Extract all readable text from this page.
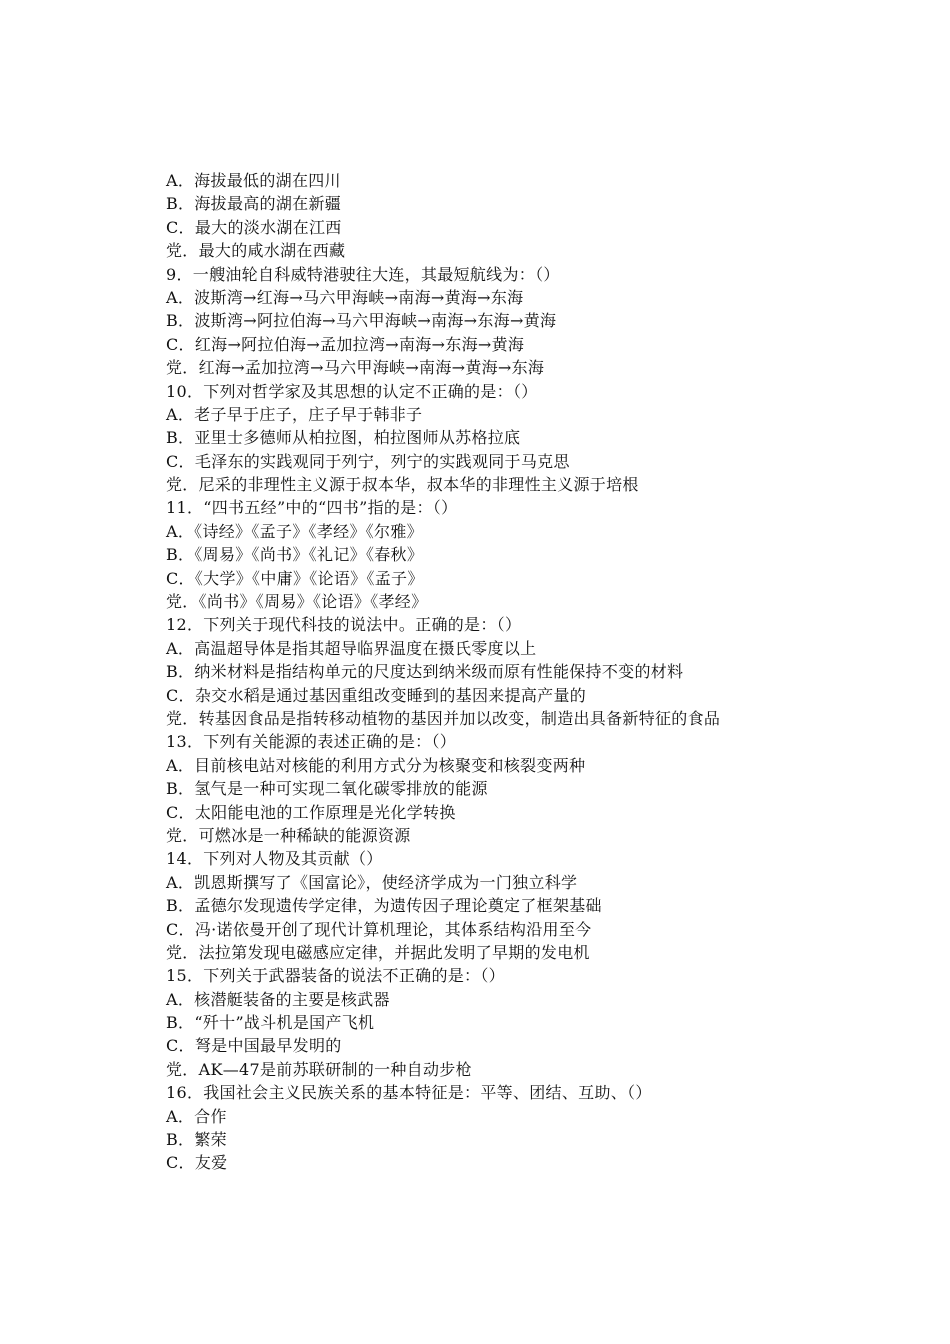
A．海拔最低的湖在四川
B．海拔最高的湖在新疆
C．最大的淡水湖在江西
党．最大的咸水湖在西藏
9．一艘油轮自科威特港驶往大连，其最短航线为：（）
A．波斯湾→红海→马六甲海峡→南海→黄海→东海
B．波斯湾→阿拉伯海→马六甲海峡→南海→东海→黄海
C．红海→阿拉伯海→孟加拉湾→南海→东海→黄海
党．红海→孟加拉湾→马六甲海峡→南海→黄海→东海
10．下列对哲学家及其思想的认定不正确的是：（）
A．老子早于庄子，庄子早于韩非子
B．亚里士多德师从柏拉图，柏拉图师从苏格拉底
C．毛泽东的实践观同于列宁，列宁的实践观同于马克思
党．尼采的非理性主义源于叔本华，叔本华的非理性主义源于培根
11．“四书五经”中的“四书”指的是：（）
A．《诗经》《孟子》《孝经》《尔雅》
B．《周易》《尚书》《礼记》《春秋》
C．《大学》《中庸》《论语》《孟子》
党．《尚书》《周易》《论语》《孝经》
12．下列关于现代科技的说法中。正确的是：（）
A．高温超导体是指其超导临界温度在摄氏零度以上
B．纳米材料是指结构单元的尺度达到纳米级而原有性能保持不变的材料
C．杂交水稻是通过基因重组改变睡到的基因来提高产量的
党．转基因食品是指转移动植物的基因并加以改变，制造出具备新特征的食品
13．下列有关能源的表述正确的是：（）
A．目前核电站对核能的利用方式分为核聚变和核裂变两种
B．氢气是一种可实现二氧化碳零排放的能源
C．太阳能电池的工作原理是光化学转换
党．可燃冰是一种稀缺的能源资源
14．下列对人物及其贡献（）
A．凯恩斯撰写了《国富论》，使经济学成为一门独立科学
B．孟德尔发现遗传学定律，为遗传因子理论奠定了框架基础
C．冯·诺依曼开创了现代计算机理论，其体系结构沿用至今
党．法拉第发现电磁感应定律，并据此发明了早期的发电机
15．下列关于武器装备的说法不正确的是：（）
A．核潜艇装备的主要是核武器
B．“歼十”战斗机是国产飞机
C．弩是中国最早发明的
党．AK—47是前苏联研制的一种自动步枪
16．我国社会主义民族关系的基本特征是：平等、团结、互助、（）
A．合作
B．繁荣
C．友爱
